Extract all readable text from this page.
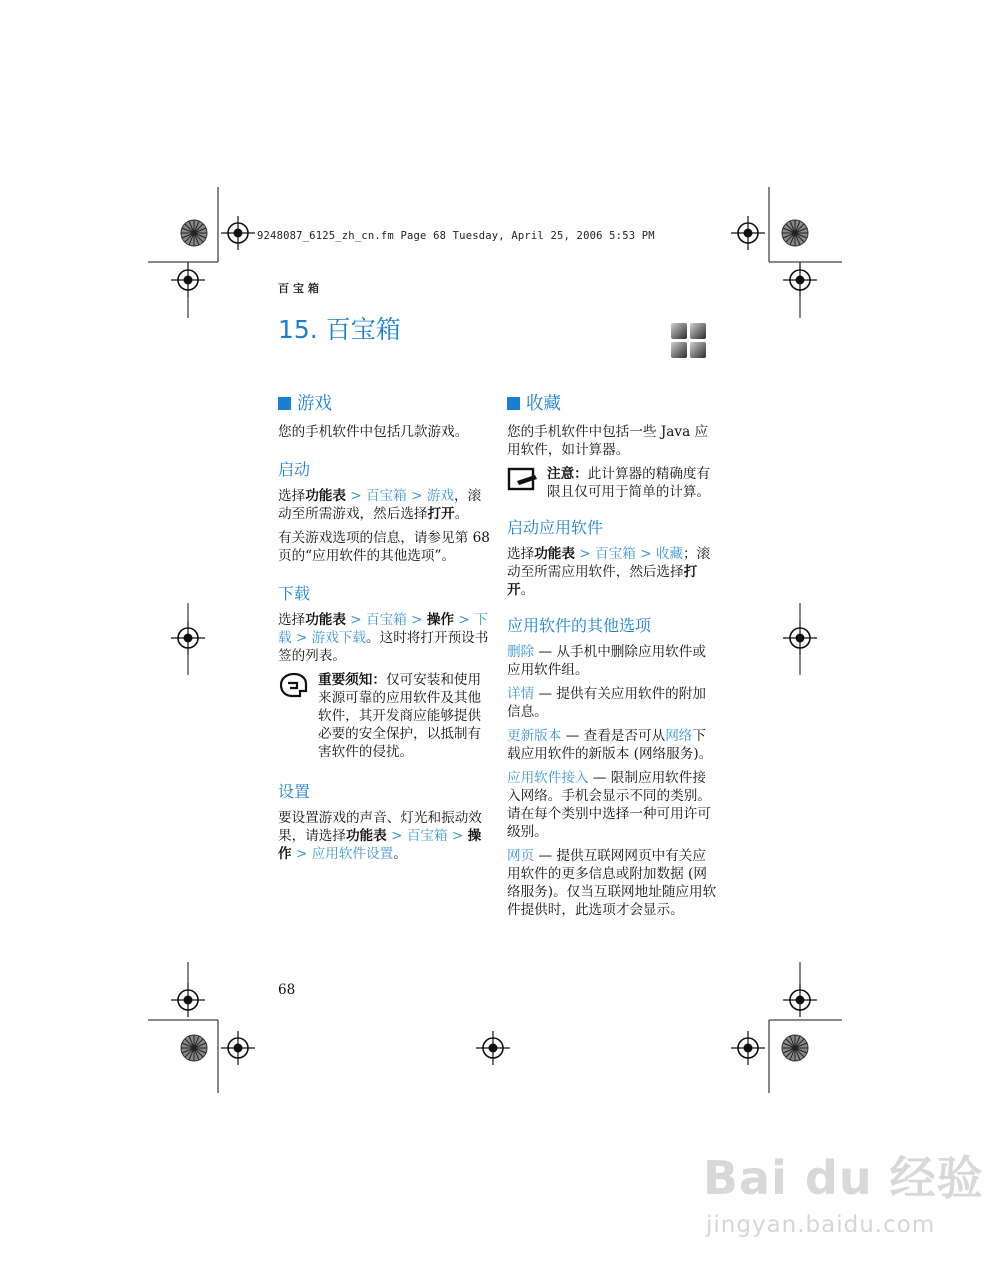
9248087_6125_zh_cn.fm Page 68 Tuesday, April 25, 2006 5:53 PM
百宝箱
15. 百宝箱
游戏

您的手机软件中包括几款游戏。

启动

选择功能表 > 百宝箱 > 游戏，滚动至所需游戏，然后选择打开。

有关游戏选项的信息，请参见第 68 页的“应用软件的其他选项”。

下载

选择功能表 > 百宝箱 > 操作 > 下载 > 游戏下载。这时将打开预设书签的列表。

重要须知：仅可安装和使用来源可靠的应用软件及其他软件，其开发商应能够提供必要的安全保护，以抵制有害软件的侵扰。
设置

要设置游戏的声音、灯光和振动效果，请选择功能表 > 百宝箱 > 操作 > 应用软件设置。

收藏

您的手机软件中包括一些 Java 应用软件，如计算器。

注意：此计算器的精确度有限且仅可用于简单的计算。
启动应用软件

选择功能表 > 百宝箱 > 收藏；滚动至所需应用软件，然后选择打开。

应用软件的其他选项

删除 — 从手机中删除应用软件或应用软件组。

详情 — 提供有关应用软件的附加信息。

更新版本 — 查看是否可从网络下载应用软件的新版本 (网络服务)。

应用软件接入 — 限制应用软件接入网络。手机会显示不同的类别。请在每个类别中选择一种可用许可级别。

网页 — 提供互联网网页中有关应用软件的更多信息或附加数据 (网络服务)。仅当互联网地址随应用软件提供时，此选项才会显示。

68
Bai du 经验
jingyan.baidu.com
